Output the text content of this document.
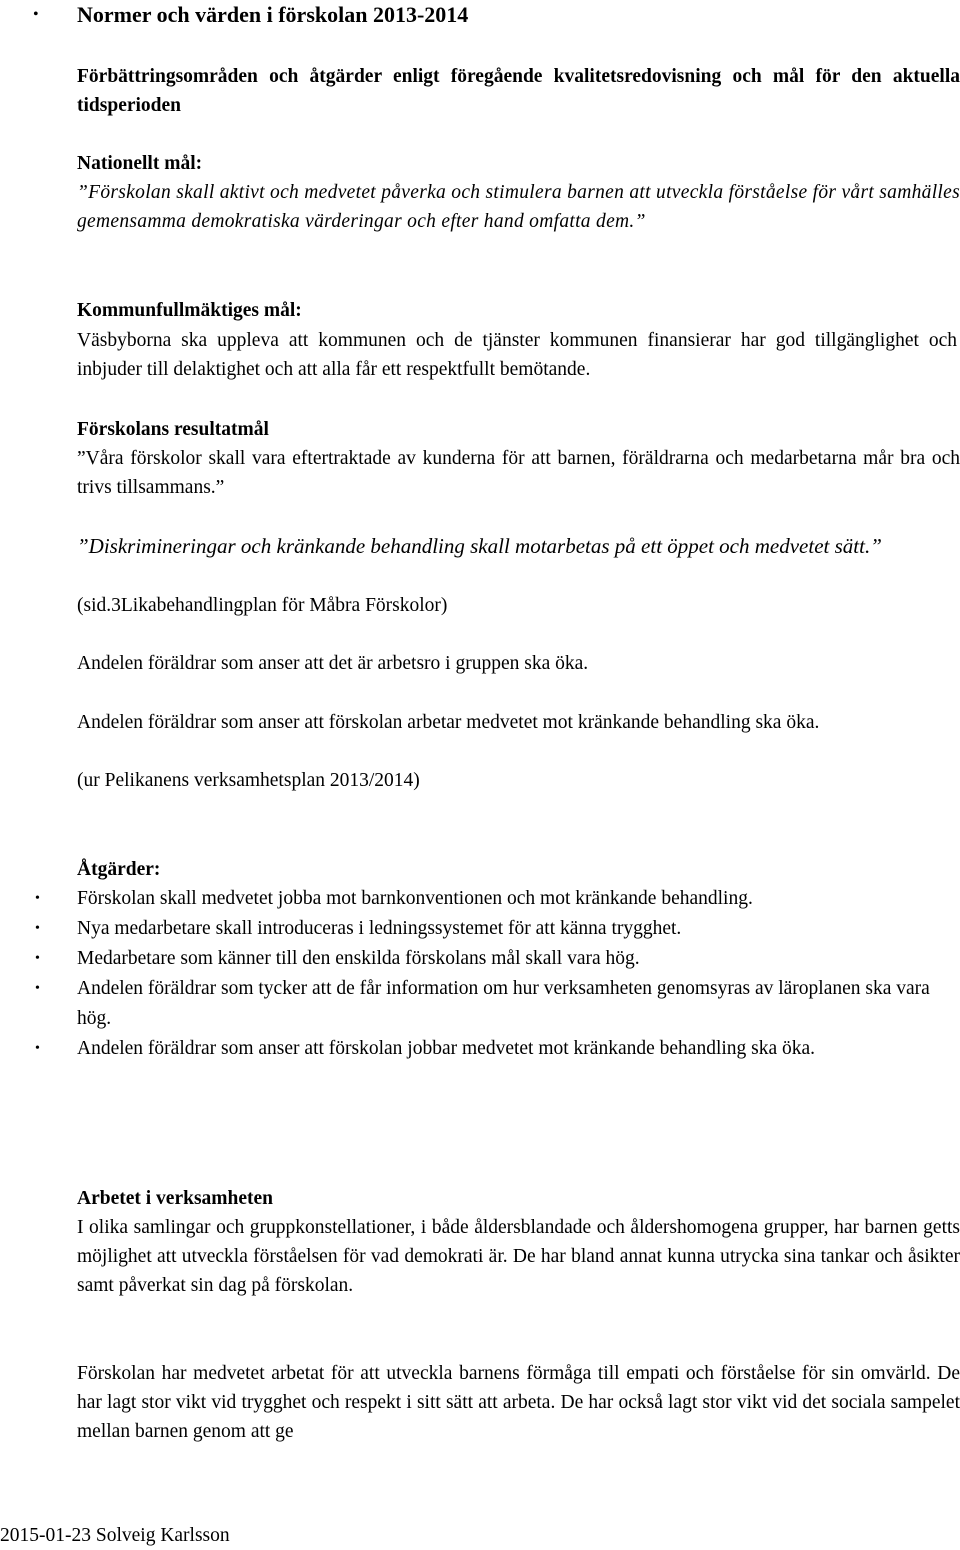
• Normer och värden i förskolan 2013-2014

Förbättringsområden och åtgärder enligt föregående kvalitetsredovisning och mål för den aktuella tidsperioden

Nationellt mål:

”Förskolan skall aktivt och medvetet påverka och stimulera barnen att utveckla förståelse för vårt samhälles gemensamma demokratiska värderingar och efter hand omfatta dem.”

Kommunfullmäktiges mål:

Väsbyborna ska uppleva att kommunen och de tjänster kommunen finansierar har god tillgänglighet och inbjuder till delaktighet och att alla får ett respektfullt bemötande.

Förskolans resultatmål

”Våra förskolor skall vara eftertraktade av kunderna för att barnen, föräldrarna och medarbetarna mår bra och trivs tillsammans.”

”Diskrimineringar och kränkande behandling skall motarbetas på ett öppet och medvetet sätt.”

(sid.3Likabehandlingplan för Måbra Förskolor)

Andelen föräldrar som anser att det är arbetsro i gruppen ska öka.

Andelen föräldrar som anser att förskolan arbetar medvetet mot kränkande behandling ska öka.

(ur Pelikanens verksamhetsplan 2013/2014)

Åtgärder:

• Förskolan skall medvetet jobba mot barnkonventionen och mot kränkande behandling.
• Nya medarbetare skall introduceras i ledningssystemet för att känna trygghet.
• Medarbetare som känner till den enskilda förskolans mål skall vara hög.
• Andelen föräldrar som tycker att de får information om hur verksamheten genomsyras av läroplanen ska vara hög.
• Andelen föräldrar som anser att förskolan jobbar medvetet mot kränkande behandling ska öka.

Arbetet i verksamheten

I olika samlingar och gruppkonstellationer, i både åldersblandade och åldershomogena grupper, har barnen getts möjlighet att utveckla förståelsen för vad demokrati är. De har bland annat kunna utrycka sina tankar och åsikter samt påverkat sin dag på förskolan.

Förskolan har medvetet arbetat för att utveckla barnens förmåga till empati och förståelse för sin omvärld. De har lagt stor vikt vid trygghet och respekt i sitt sätt att arbeta. De har också lagt stor vikt vid det sociala sampelet mellan barnen genom att ge

2015-01-23 Solveig Karlsson
